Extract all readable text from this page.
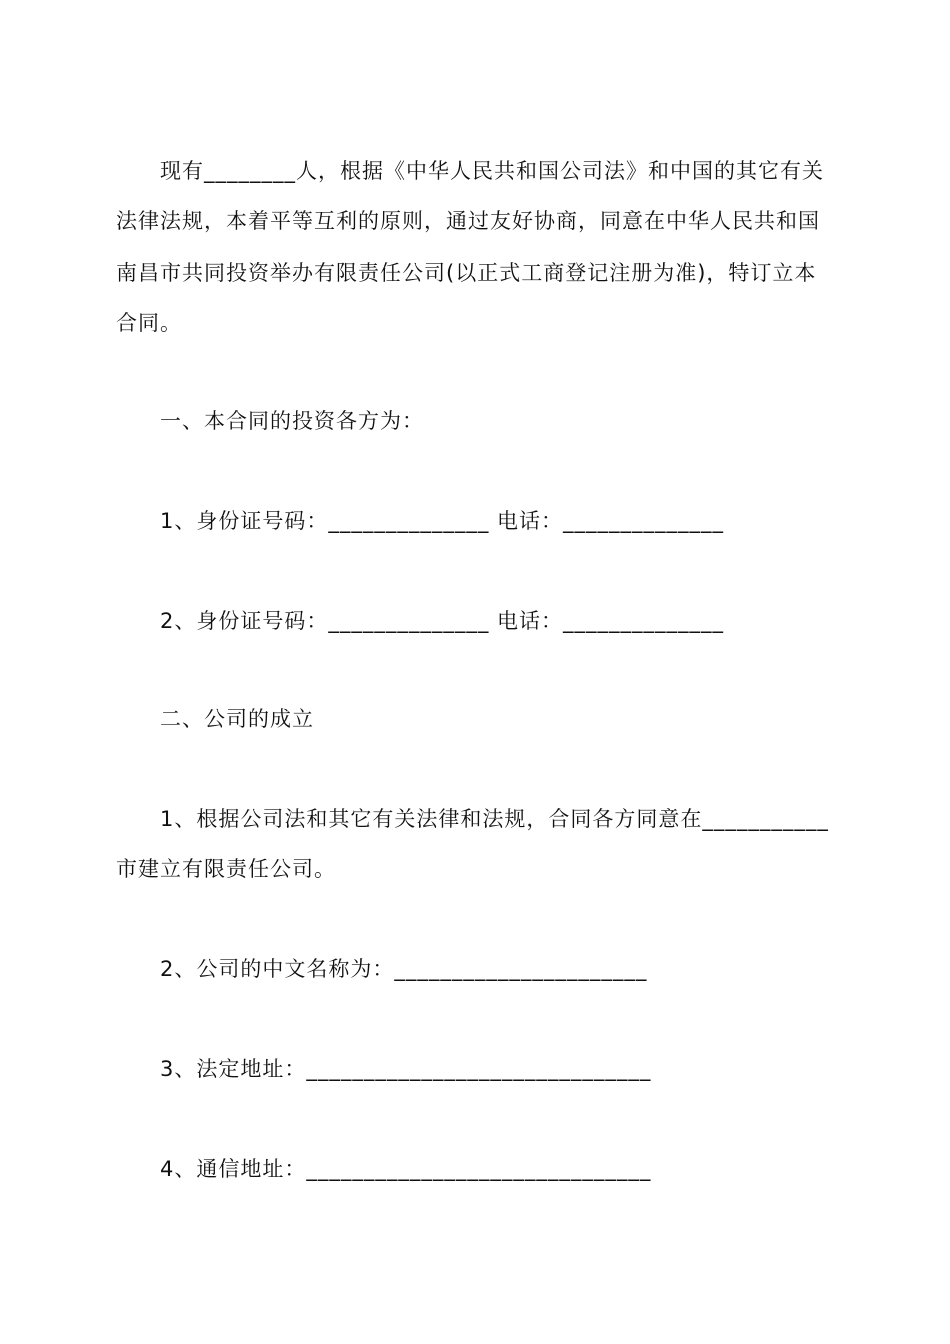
现有________人，根据《中华人民共和国公司法》和中国的其它有关
法律法规，本着平等互利的原则，通过友好协商，同意在中华人民共和国
南昌市共同投资举办有限责任公司(以正式工商登记注册为准)，特订立本
合同。
一、本合同的投资各方为：
1、身份证号码：______________ 电话：______________
2、身份证号码：______________ 电话：______________
二、公司的成立
1、根据公司法和其它有关法律和法规，合同各方同意在___________
市建立有限责任公司。
2、公司的中文名称为：______________________
3、法定地址：______________________________
4、通信地址：______________________________
